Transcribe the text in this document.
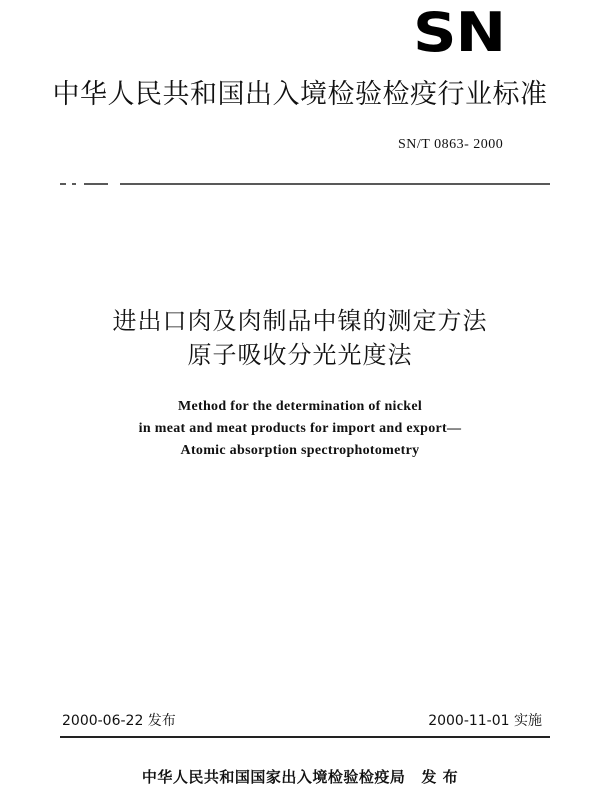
SN
中华人民共和国出入境检验检疫行业标准
SN/T 0863- 2000
进出口肉及肉制品中镍的测定方法
原子吸收分光光度法
Method for the determination of nickel
in meat and meat products for import and export—
Atomic absorption spectrophotometry
2000-06-22 发布	2000-11-01 实施
中华人民共和国国家出入境检验检疫局 发 布
